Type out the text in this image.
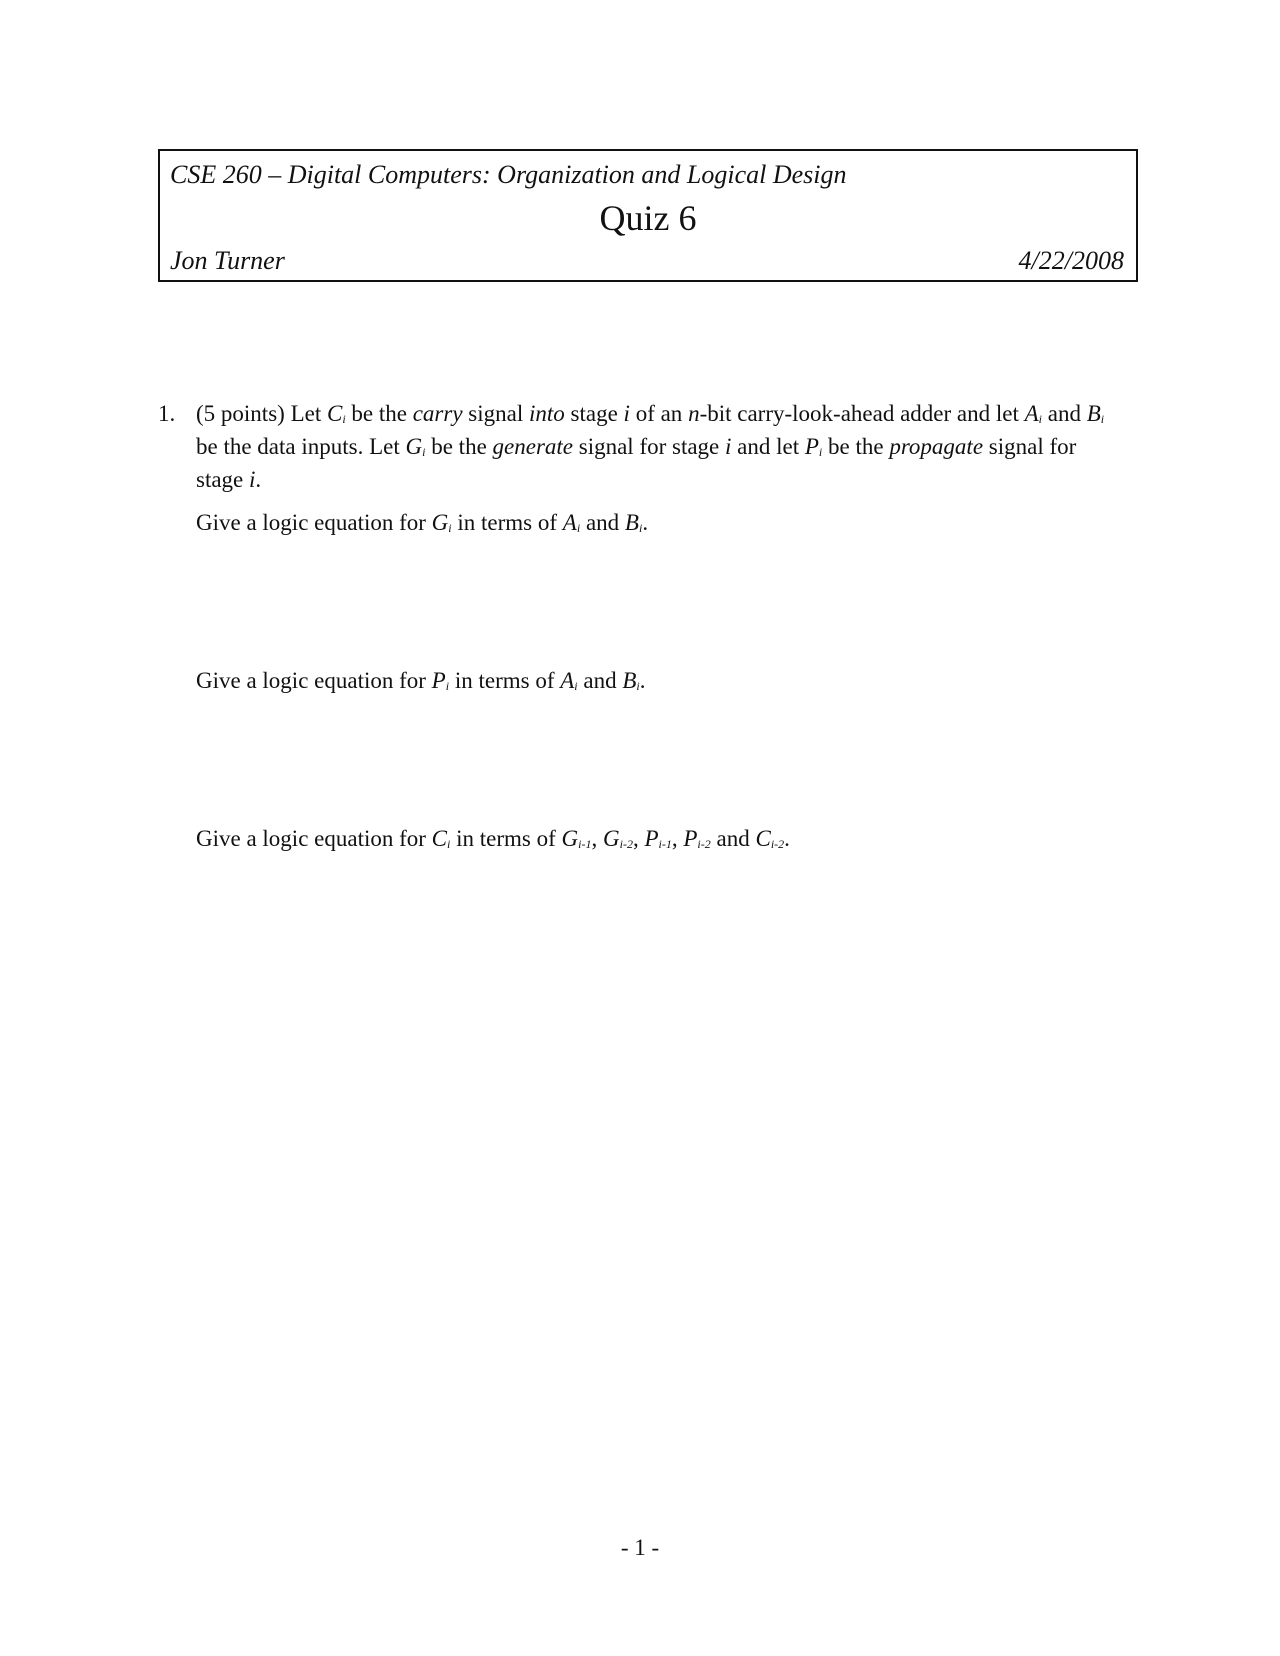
CSE 260 – Digital Computers: Organization and Logical Design
Quiz 6
Jon Turner	4/22/2008
1. (5 points) Let $C_i$ be the carry signal into stage i of an n-bit carry-look-ahead adder and let $A_i$ and $B_i$ be the data inputs. Let $G_i$ be the generate signal for stage i and let $P_i$ be the propagate signal for stage i.
Give a logic equation for $G_i$ in terms of $A_i$ and $B_i$.
Give a logic equation for $P_i$ in terms of $A_i$ and $B_i$.
Give a logic equation for $C_i$ in terms of $G_{i-1}$, $G_{i-2}$, $P_{i-1}$, $P_{i-2}$ and $C_{i-2}$.
- 1 -
